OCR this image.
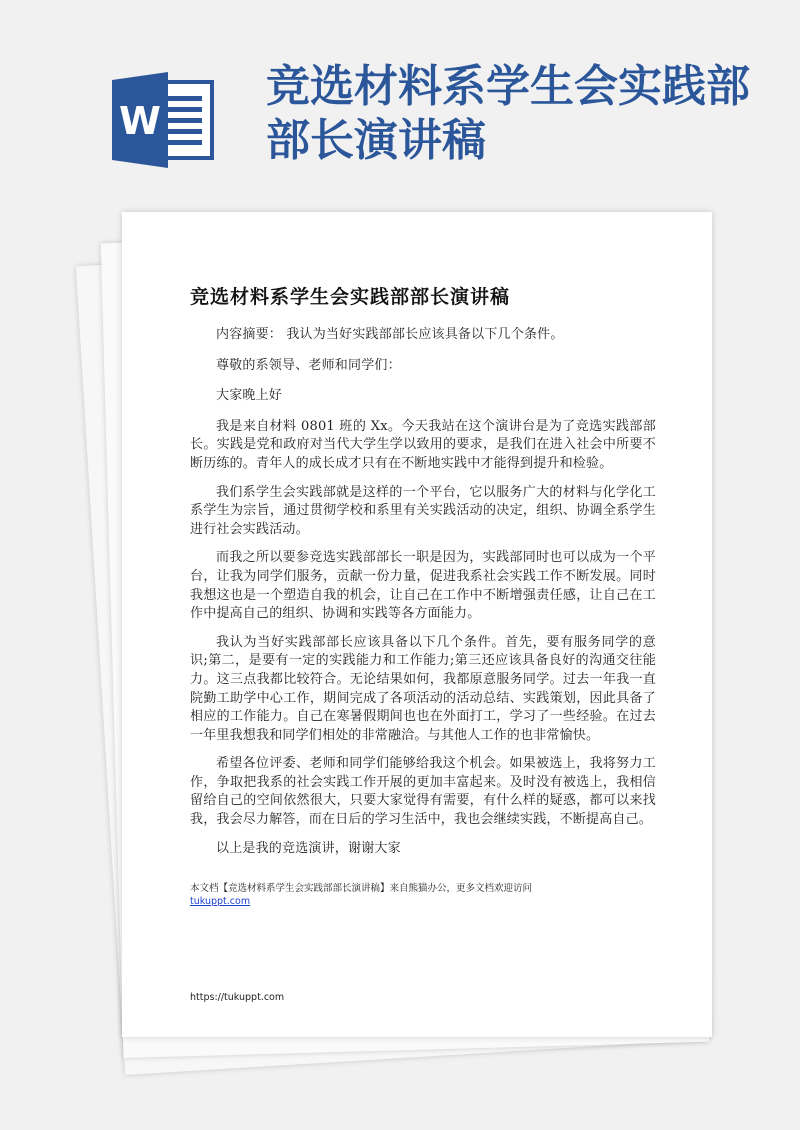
W
竞选材料系学生会实践部部长演讲稿
竞选材料系学生会实践部部长演讲稿

内容摘要： 我认为当好实践部部长应该具备以下几个条件。

尊敬的系领导、老师和同学们：

大家晚上好

我是来自材料 0801 班的 Xx。今天我站在这个演讲台是为了竞选实践部部长。实践是党和政府对当代大学生学以致用的要求，是我们在进入社会中所要不断历练的。青年人的成长成才只有在不断地实践中才能得到提升和检验。

我们系学生会实践部就是这样的一个平台，它以服务广大的材料与化学化工系学生为宗旨，通过贯彻学校和系里有关实践活动的决定，组织、协调全系学生进行社会实践活动。

而我之所以要参竞选实践部部长一职是因为，实践部同时也可以成为一个平台，让我为同学们服务，贡献一份力量，促进我系社会实践工作不断发展。同时我想这也是一个塑造自我的机会，让自己在工作中不断增强责任感，让自己在工作中提高自己的组织、协调和实践等各方面能力。

我认为当好实践部部长应该具备以下几个条件。首先，要有服务同学的意识;第二，是要有一定的实践能力和工作能力;第三还应该具备良好的沟通交往能力。这三点我都比较符合。无论结果如何，我都原意服务同学。过去一年我一直院勤工助学中心工作，期间完成了各项活动的活动总结、实践策划，因此具备了相应的工作能力。自己在寒暑假期间也也在外面打工，学习了一些经验。在过去一年里我想我和同学们相处的非常融洽。与其他人工作的也非常愉快。

希望各位评委、老师和同学们能够给我这个机会。如果被选上，我将努力工作，争取把我系的社会实践工作开展的更加丰富起来。及时没有被选上，我相信留给自己的空间依然很大，只要大家觉得有需要，有什么样的疑惑，都可以来找我，我会尽力解答，而在日后的学习生活中，我也会继续实践，不断提高自己。

以上是我的竞选演讲，谢谢大家

本文档【竞选材料系学生会实践部部长演讲稿】来自熊猫办公，更多文档欢迎访问
tukuppt.com
https://tukuppt.com
